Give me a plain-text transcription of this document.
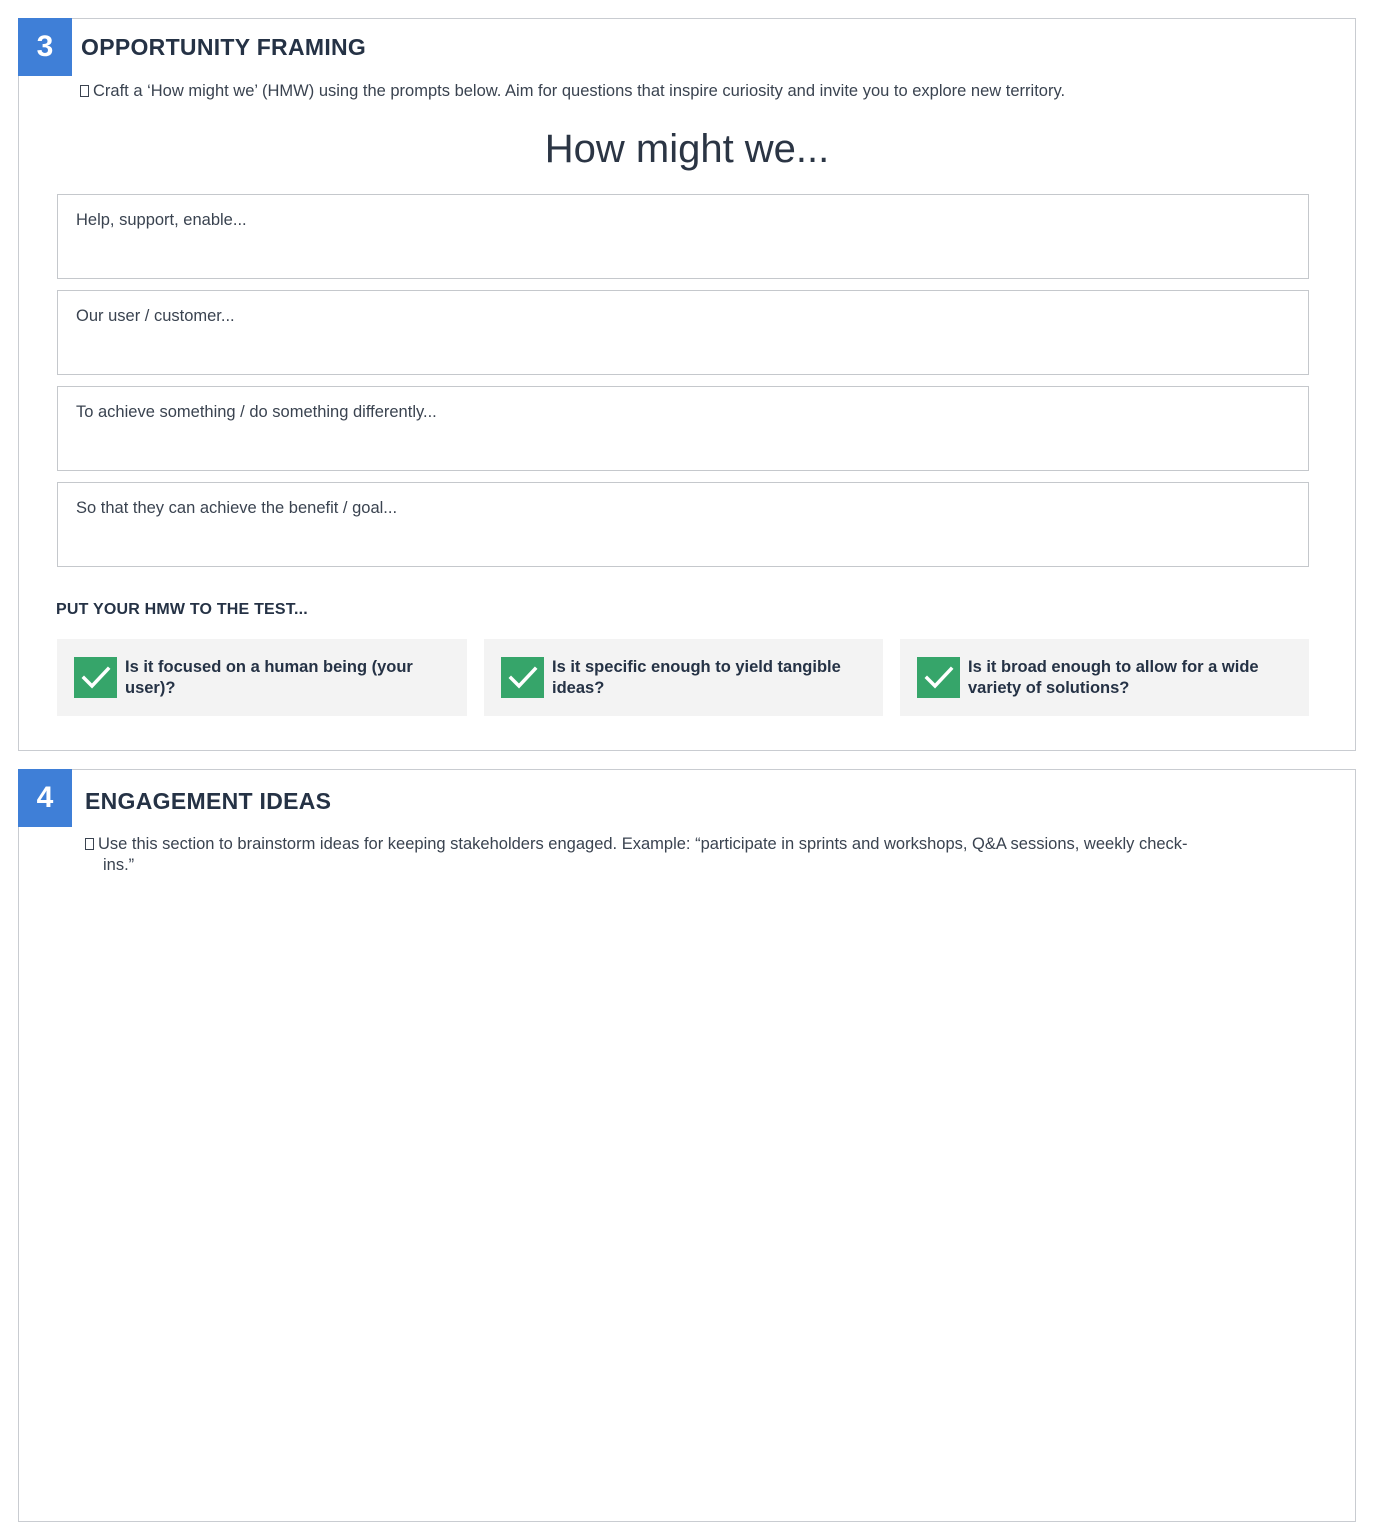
3	OPPORTUNITY FRAMING
Craft a ‘How might we’ (HMW) using the prompts below. Aim for questions that inspire curiosity and invite you to explore new territory.
How might we...
Help, support, enable...
Our user / customer...
To achieve something / do something differently...
So that they can achieve the benefit / goal...
PUT YOUR HMW TO THE TEST...
Is it focused on a human being (your user)?
Is it specific enough to yield tangible ideas?
Is it broad enough to allow for a wide variety of solutions?
4	ENGAGEMENT IDEAS
Use this section to brainstorm ideas for keeping stakeholders engaged. Example: “participate in sprints and workshops, Q&A sessions, weekly check-ins.”
